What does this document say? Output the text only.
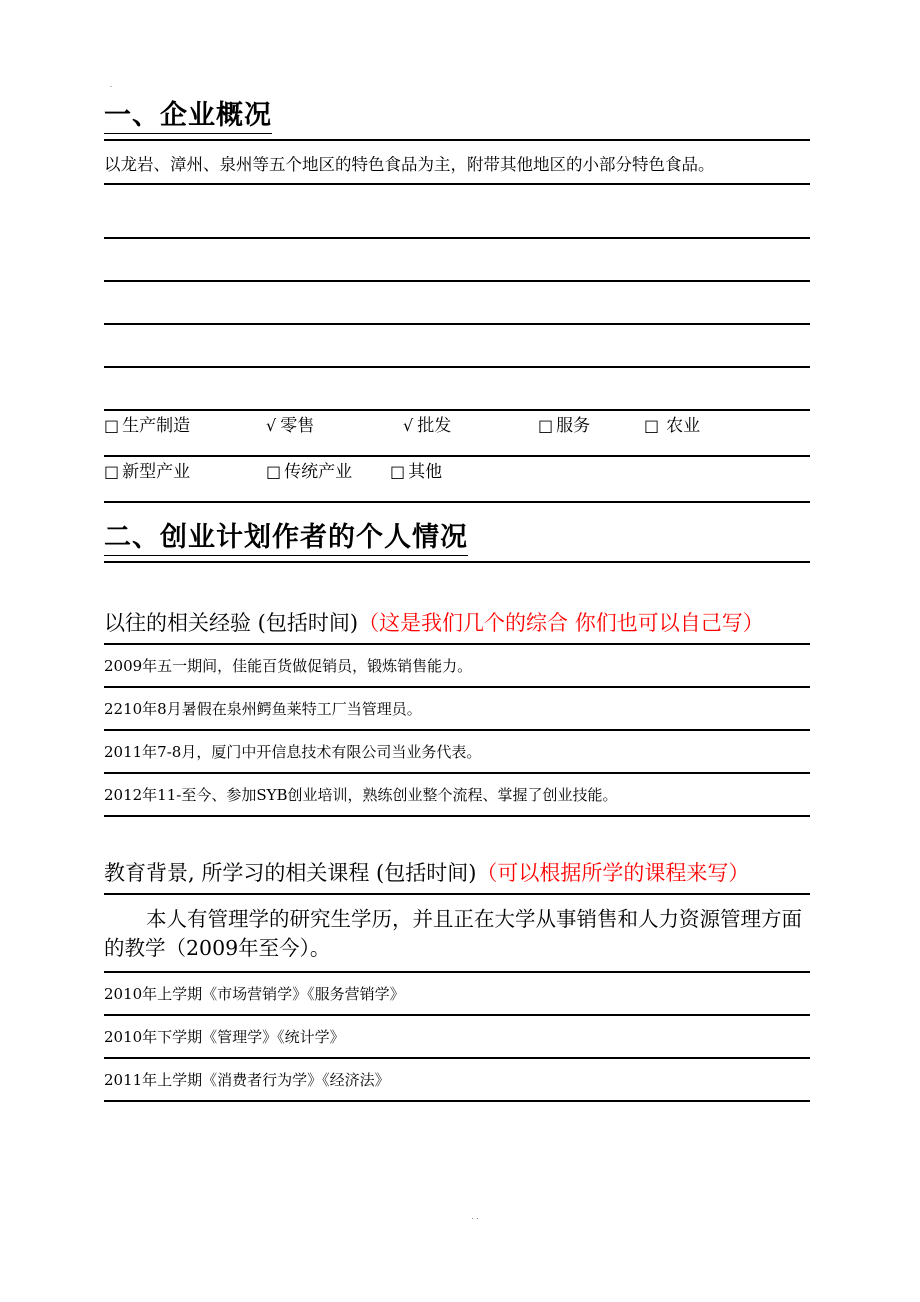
.
一、企业概况
以龙岩、漳州、泉州等五个地区的特色食品为主，附带其他地区的小部分特色食品。
□ 生产制造	√ 零售	√ 批发	□ 服务	□ 农业
□ 新型产业	□ 传统产业 □ 其他
二、创业计划作者的个人情况
以往的相关经验 (包括时间)（这是我们几个的综合 你们也可以自己写）
2009年五一期间，佳能百货做促销员，锻炼销售能力。
2210年8月暑假在泉州鳄鱼莱特工厂当管理员。
2011年7-8月，厦门中开信息技术有限公司当业务代表。
2012年11-至今、参加SYB创业培训，熟练创业整个流程、掌握了创业技能。
教育背景, 所学习的相关课程 (包括时间)（可以根据所学的课程来写）
本人有管理学的研究生学历，并且正在大学从事销售和人力资源管理方面的教学（2009年至今）。
2010年上学期《市场营销学》《服务营销学》
2010年下学期《管理学》《统计学》
2011年上学期《消费者行为学》《经济法》
. .
